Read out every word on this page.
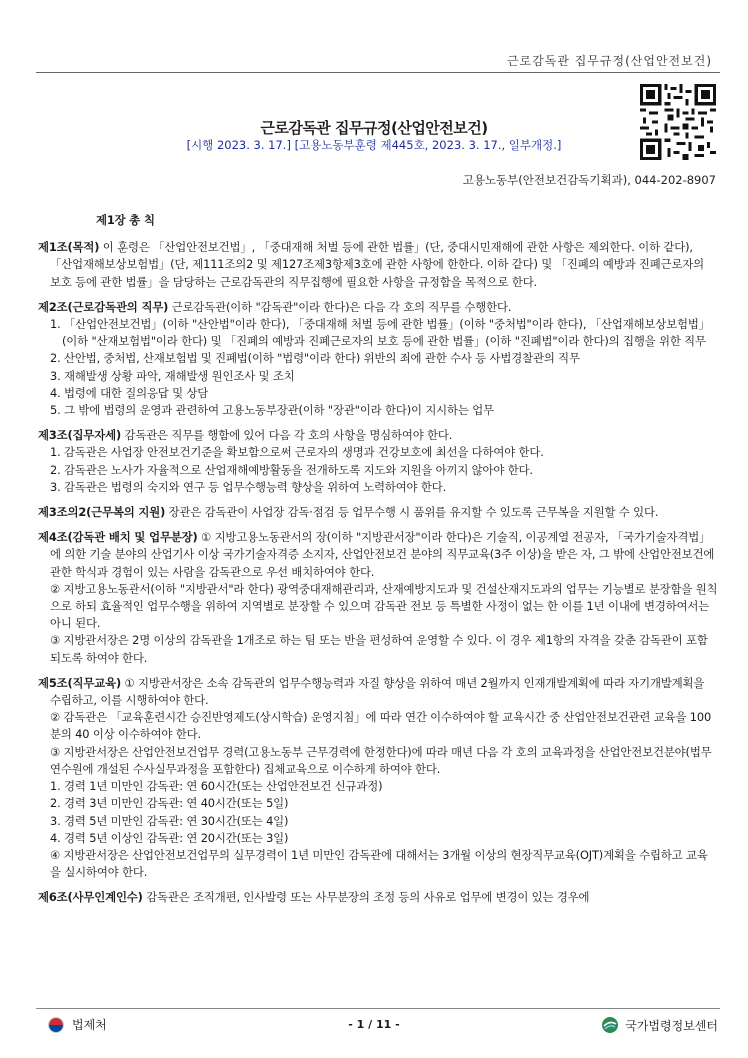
근로감독관 집무규정(산업안전보건)
근로감독관 집무규정(산업안전보건)
[시행 2023. 3. 17.] [고용노동부훈령 제445호, 2023. 3. 17., 일부개정.]
고용노동부(안전보건감독기획과), 044-202-8907
제1장 총 칙
제1조(목적) 이 훈령은 「산업안전보건법」, 「중대재해 처벌 등에 관한 법률」(단, 중대시민재해에 관한 사항은 제외한다. 이하 같다), 「산업재해보상보험법」(단, 제111조의2 및 제127조제3항제3호에 관한 사항에 한한다. 이하 같다) 및 「진폐의 예방과 진폐근로자의 보호 등에 관한 법률」을 담당하는 근로감독관의 직무집행에 필요한 사항을 규정함을 목적으로 한다.
제2조(근로감독관의 직무) 근로감독관(이하 "감독관"이라 한다)은 다음 각 호의 직무를 수행한다.
1. 「산업안전보건법」(이하 "산안법"이라 한다), 「중대재해 처벌 등에 관한 법률」(이하 "중처법"이라 한다), 「산업재해보상보험법」(이하 "산재보험법"이라 한다) 및 「진폐의 예방과 진폐근로자의 보호 등에 관한 법률」(이하 "진폐법"이라 한다)의 집행을 위한 직무
2. 산안법, 중처법, 산재보험법 및 진폐법(이하 "법령"이라 한다) 위반의 죄에 관한 수사 등 사법경찰관의 직무
3. 재해발생 상황 파악, 재해발생 원인조사 및 조치
4. 법령에 대한 질의응답 및 상담
5. 그 밖에 법령의 운영과 관련하여 고용노동부장관(이하 "장관"이라 한다)이 지시하는 업무
제3조(집무자세) 감독관은 직무를 행함에 있어 다음 각 호의 사항을 명심하여야 한다.
1. 감독관은 사업장 안전보건기준을 확보함으로써 근로자의 생명과 건강보호에 최선을 다하여야 한다.
2. 감독관은 노사가 자율적으로 산업재해예방활동을 전개하도록 지도와 지원을 아끼지 않아야 한다.
3. 감독관은 법령의 숙지와 연구 등 업무수행능력 향상을 위하여 노력하여야 한다.
제3조의2(근무복의 지원) 장관은 감독관이 사업장 감독·점검 등 업무수행 시 품위를 유지할 수 있도록 근무복을 지원할 수 있다.
제4조(감독관 배치 및 업무분장) ① 지방고용노동관서의 장(이하 "지방관서장"이라 한다)은 기술직, 이공계열 전공자, 「국가기술자격법」에 의한 기술 분야의 산업기사 이상 국가기술자격증 소지자, 산업안전보건 분야의 직무교육(3주 이상)을 받은 자, 그 밖에 산업안전보건에 관한 학식과 경험이 있는 사람을 감독관으로 우선 배치하여야 한다.
② 지방고용노동관서(이하 "지방관서"라 한다) 광역중대재해관리과, 산재예방지도과 및 건설산재지도과의 업무는 기능별로 분장함을 원칙으로 하되 효율적인 업무수행을 위하여 지역별로 분장할 수 있으며 감독관 전보 등 특별한 사정이 없는 한 이를 1년 이내에 변경하여서는 아니 된다.
③ 지방관서장은 2명 이상의 감독관을 1개조로 하는 팀 또는 반을 편성하여 운영할 수 있다. 이 경우 제1항의 자격을 갖춘 감독관이 포함되도록 하여야 한다.
제5조(직무교육) ① 지방관서장은 소속 감독관의 업무수행능력과 자질 향상을 위하여 매년 2월까지 인재개발계획에 따라 자기개발계획을 수립하고, 이를 시행하여야 한다.
② 감독관은 「교육훈련시간 승진반영제도(상시학습) 운영지침」에 따라 연간 이수하여야 할 교육시간 중 산업안전보건관련 교육을 100분의 40 이상 이수하여야 한다.
③ 지방관서장은 산업안전보건업무 경력(고용노동부 근무경력에 한정한다)에 따라 매년 다음 각 호의 교육과정을 산업안전보건분야(법무연수원에 개설된 수사실무과정을 포함한다) 집체교육으로 이수하게 하여야 한다.
1. 경력 1년 미만인 감독관: 연 60시간(또는 산업안전보건 신규과정)
2. 경력 3년 미만인 감독관: 연 40시간(또는 5일)
3. 경력 5년 미만인 감독관: 연 30시간(또는 4일)
4. 경력 5년 이상인 감독관: 연 20시간(또는 3일)
④ 지방관서장은 산업안전보건업무의 실무경력이 1년 미만인 감독관에 대해서는 3개월 이상의 현장직무교육(OJT)계획을 수립하고 교육을 실시하여야 한다.
제6조(사무인계인수) 감독관은 조직개편, 인사발령 또는 사무분장의 조정 등의 사유로 업무에 변경이 있는 경우에
법제처	- 1 / 11 -	국가법령정보센터
